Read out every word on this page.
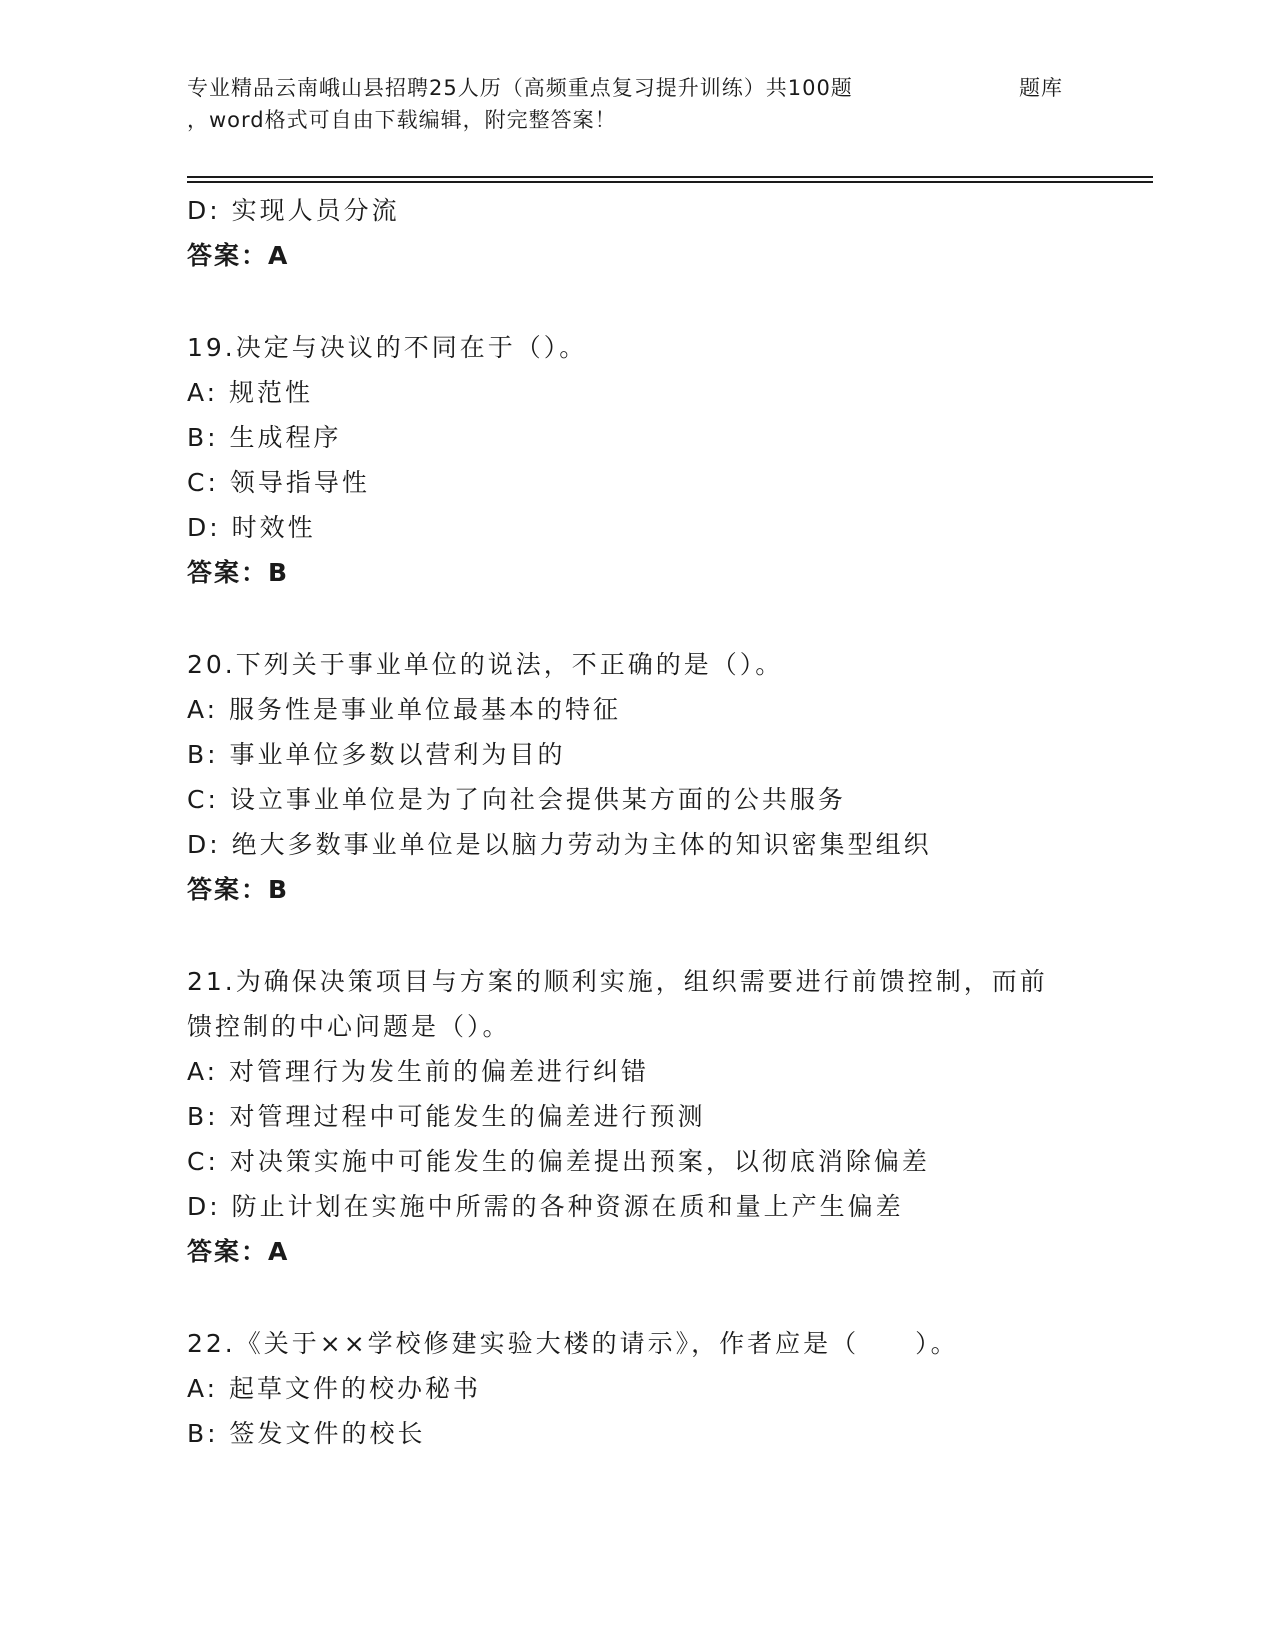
专业精品云南峨山县招聘25人历（高频重点复习提升训练）共100题	题库
，word格式可自由下载编辑，附完整答案！
D: 实现人员分流
答案：A
19.决定与决议的不同在于（）。
A: 规范性
B: 生成程序
C: 领导指导性
D: 时效性
答案：B
20.下列关于事业单位的说法，不正确的是（）。
A: 服务性是事业单位最基本的特征
B: 事业单位多数以营利为目的
C: 设立事业单位是为了向社会提供某方面的公共服务
D: 绝大多数事业单位是以脑力劳动为主体的知识密集型组织
答案：B
21.为确保决策项目与方案的顺利实施，组织需要进行前馈控制，而前
馈控制的中心问题是（）。
A: 对管理行为发生前的偏差进行纠错
B: 对管理过程中可能发生的偏差进行预测
C: 对决策实施中可能发生的偏差提出预案，以彻底消除偏差
D: 防止计划在实施中所需的各种资源在质和量上产生偏差
答案：A
22.《关于××学校修建实验大楼的请示》，作者应是（　　）。
A: 起草文件的校办秘书
B: 签发文件的校长
